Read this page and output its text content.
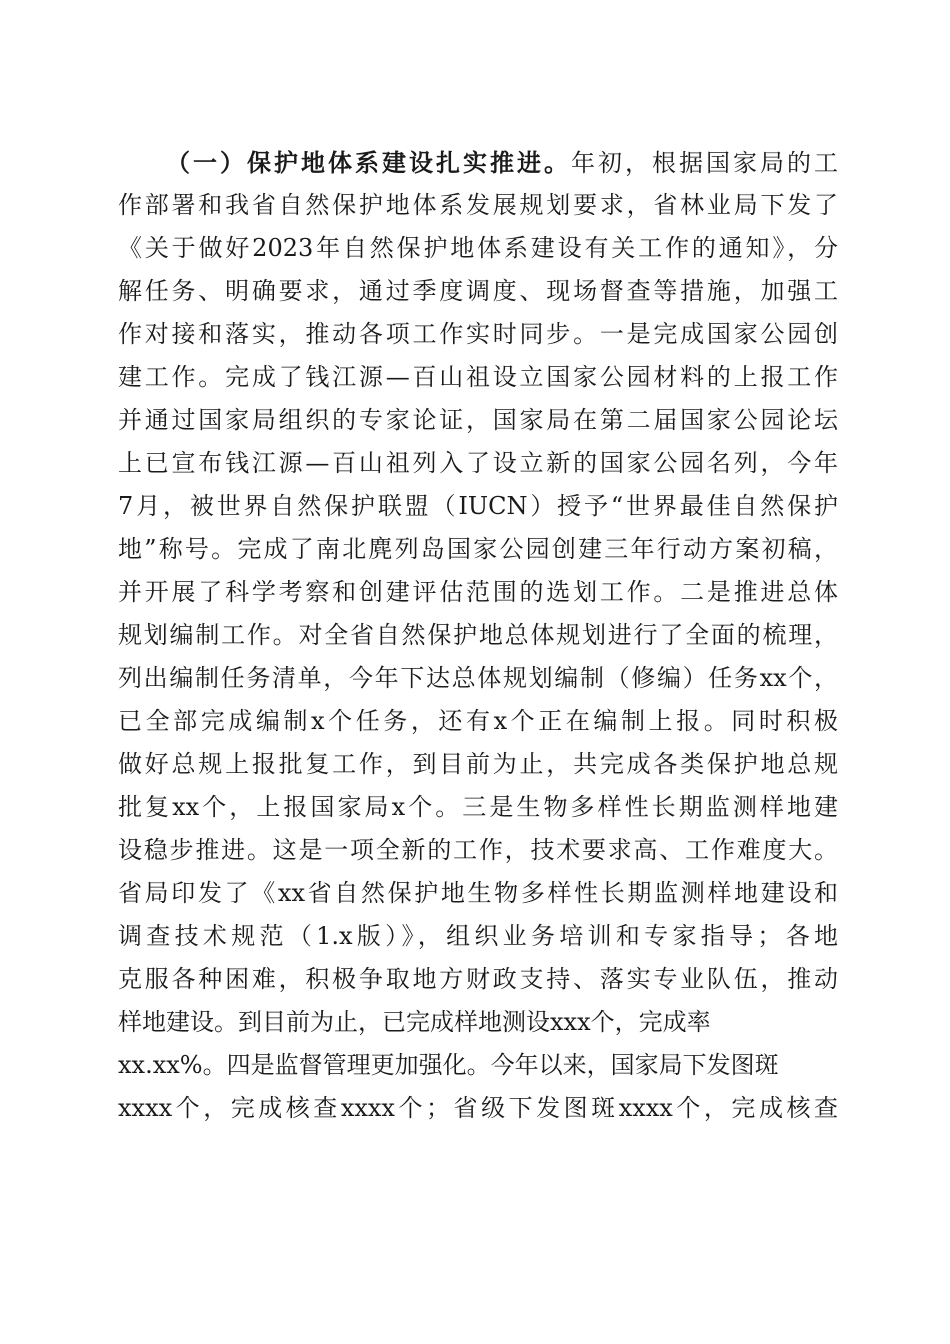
（一）保护地体系建设扎实推进。年初，根据国家局的工
作部署和我省自然保护地体系发展规划要求，省林业局下发了
《关于做好2023年自然保护地体系建设有关工作的通知》，分
解任务、明确要求，通过季度调度、现场督查等措施，加强工
作对接和落实，推动各项工作实时同步。一是完成国家公园创
建工作。完成了钱江源—百山祖设立国家公园材料的上报工作
并通过国家局组织的专家论证，国家局在第二届国家公园论坛
上已宣布钱江源—百山祖列入了设立新的国家公园名列，今年
7月，被世界自然保护联盟（IUCN）授予“世界最佳自然保护
地”称号。完成了南北麂列岛国家公园创建三年行动方案初稿，
并开展了科学考察和创建评估范围的选划工作。二是推进总体
规划编制工作。对全省自然保护地总体规划进行了全面的梳理，
列出编制任务清单，今年下达总体规划编制（修编）任务xx个，
已全部完成编制x个任务，还有x个正在编制上报。同时积极
做好总规上报批复工作，到目前为止，共完成各类保护地总规
批复xx个，上报国家局x个。三是生物多样性长期监测样地建
设稳步推进。这是一项全新的工作，技术要求高、工作难度大。
省局印发了《xx省自然保护地生物多样性长期监测样地建设和
调查技术规范（1.x版）》，组织业务培训和专家指导；各地
克服各种困难，积极争取地方财政支持、落实专业队伍，推动
样地建设。到目前为止，已完成样地测设xxx个，完成率
xx.xx%。四是监督管理更加强化。今年以来，国家局下发图斑
xxxx个，完成核查xxxx个；省级下发图斑xxxx个，完成核查
